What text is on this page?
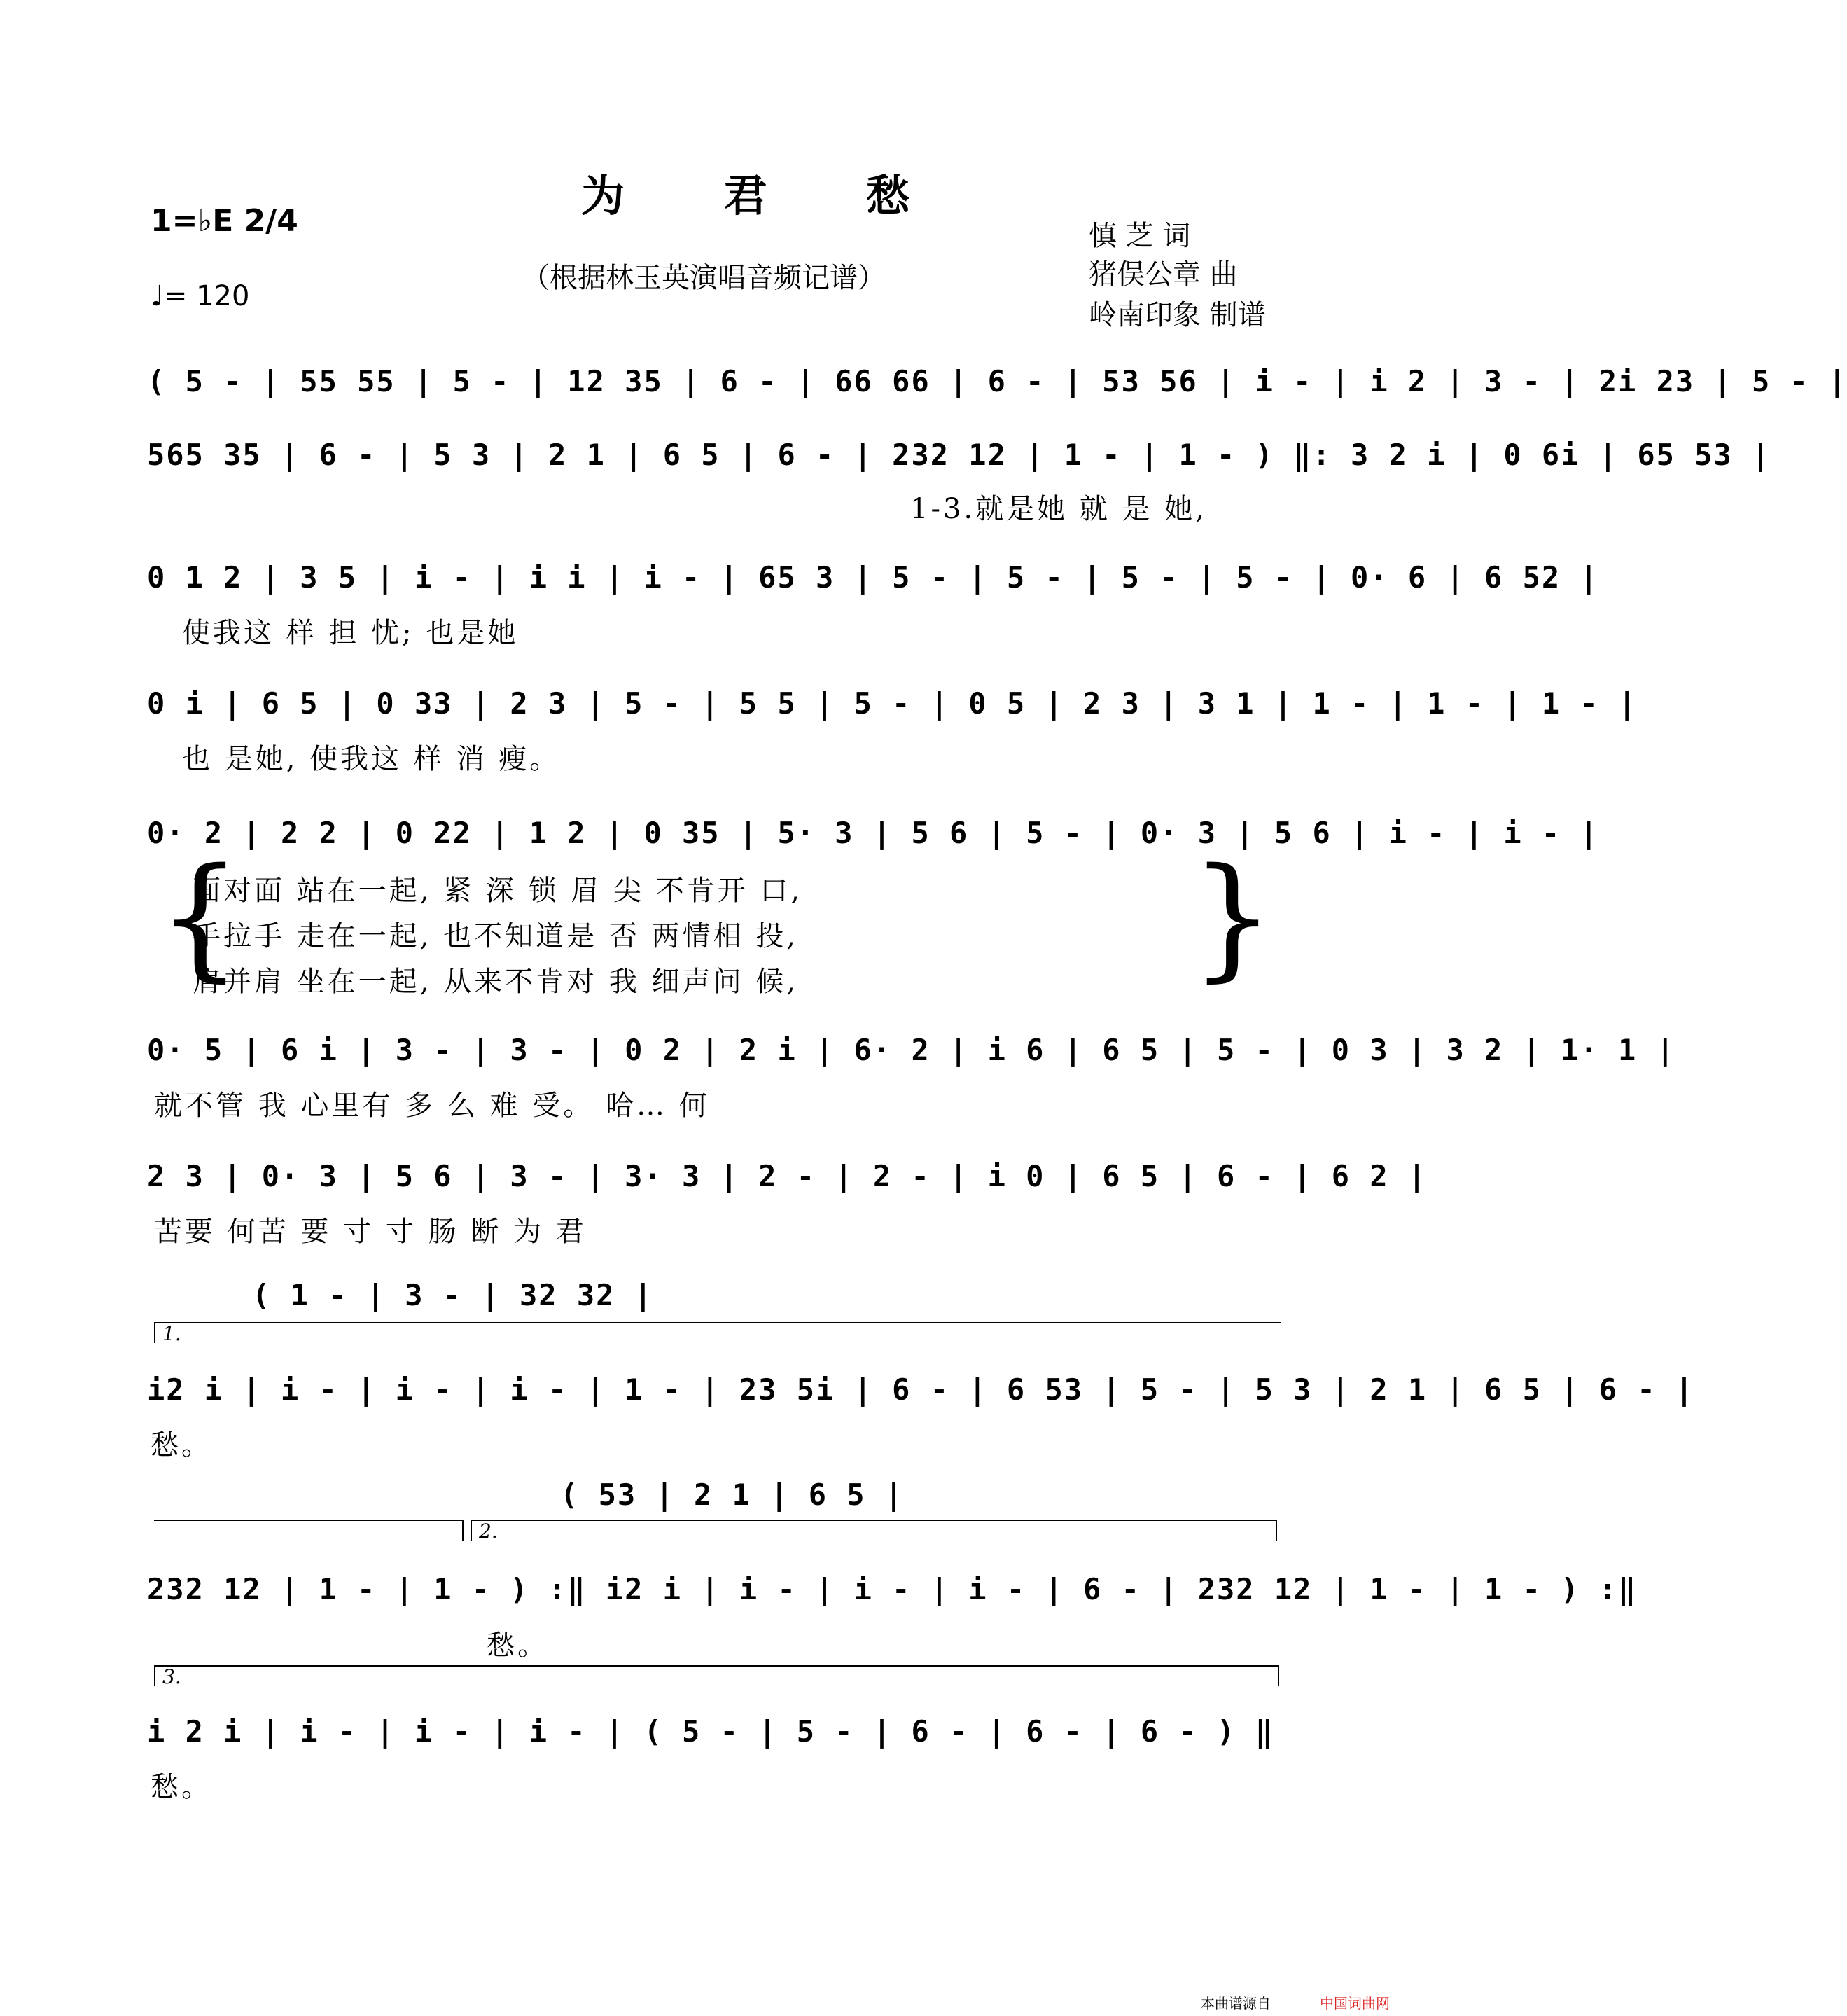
为 君 愁
1=♭E 2/4
♩= 120
（根据林玉英演唱音频记谱）
慎 芝 词
猪俣公章 曲
岭南印象 制谱
( 5 - | 55 55 | 5 - | 12 35 | 6 - | 66 66 | 6 - | 53 56 | i - | i 2 | 3 - | 2i 23 | 5 - |
565 35 | 6 - | 5 3 | 2 1 | 6 5 | 6 - | 232 12 | 1 - | 1 - ) ‖: 3 2 i | 0 6i | 65 53 |
1-3.就是她 就 是 她,
0 1 2 | 3 5 | i - | i i | i - | 65 3 | 5 - | 5 - | 5 - | 5 - | 0· 6 | 6 52 |
使我这 样 担 忧; 也是她
0 i | 6 5 | 0 33 | 2 3 | 5 - | 5 5 | 5 - | 0 5 | 2 3 | 3 1 | 1 - | 1 - | 1 - |
也 是她, 使我这 样 消 瘦。
0· 2 | 2 2 | 0 22 | 1 2 | 0 35 | 5· 3 | 5 6 | 5 - | 0· 3 | 5 6 | i - | i - |
{
面对面 站在一起, 紧 深 锁 眉 尖 不肯开 口,
手拉手 走在一起, 也不知道是 否 两情相 投,
肩并肩 坐在一起, 从来不肯对 我 细声问 候,	}
0· 5 | 6 i | 3 - | 3 - | 0 2 | 2 i | 6· 2 | i 6 | 6 5 | 5 - | 0 3 | 3 2 | 1· 1 |
就不管 我 心里有 多 么 难 受。 哈… 何
2 3 | 0· 3 | 5 6 | 3 - | 3· 3 | 2 - | 2 - | i 0 | 6 5 | 6 - | 6 2 |
苦要 何苦 要 寸 寸 肠 断 为 君
( 1 - | 3 - | 32 32 |
1.
i2 i | i - | i - | i - | 1 - | 23 5i | 6 - | 6 53 | 5 - | 5 3 | 2 1 | 6 5 | 6 - |
愁。
( 53 | 2 1 | 6 5 |
2.
232 12 | 1 - | 1 - ) :‖ i2 i | i - | i - | i - | 6 - | 232 12 | 1 - | 1 - ) :‖
愁。
3.
i 2 i | i - | i - | i - | ( 5 - | 5 - | 6 - | 6 - | 6 - ) ‖
愁。
本曲谱源自	中国词曲网
